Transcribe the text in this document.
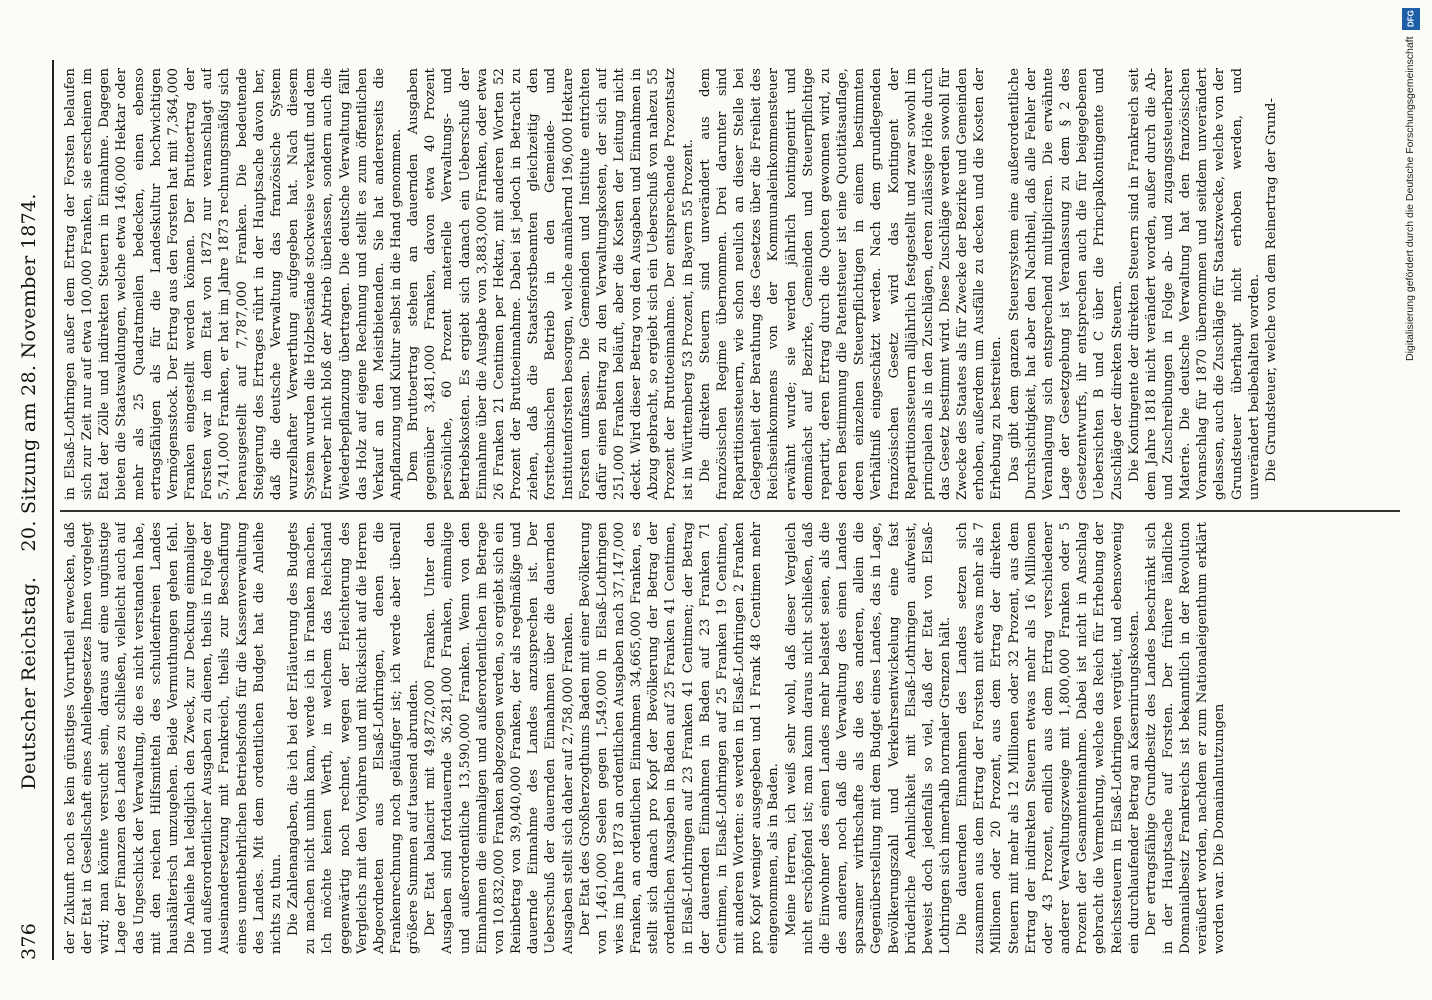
376
Deutscher Reichstag.    20. Sitzung am 28. November 1874.

der Zukunft noch es kein günstiges Vorurtheil erwecken, daß der Etat in Gesellschaft eines Anleihegesetzes Ihnen vorgelegt wird; man könnte versucht sein, daraus auf eine ungünstige Lage der Finanzen des Landes zu schließen, vielleicht auch auf das Ungeschick der Verwaltung, die es nicht verstanden habe, mit den reichen Hilfsmitteln des schuldenfreien Landes haushälterisch umzugehen. Beide Vermuthungen gehen fehl. Die Anleihe hat lediglich den Zweck, zur Deckung einmaliger und außerordentlicher Ausgaben zu dienen, theils in Folge der Auseinandersetzung mit Frankreich, theils zur Beschaffung eines unentbehrlichen Betriebsfonds für die Kassenverwaltung des Landes. Mit dem ordentlichen Budget hat die Anleihe nichts zu thun. Die Zahlenangaben, die ich bei der Erläuterung des Budgets zu machen nicht umhin kann, werde ich in Franken machen. Ich möchte keinen Werth, in welchem das Reichsland gegenwärtig noch rechnet, wegen der Erleichterung des Vergleichs mit den Vorjahren und mit Rücksicht auf die Herren Abgeordneten aus Elsaß-Lothringen, denen die Frankenrechnung noch geläufiger ist; ich werde aber überall größere Summen auf tausend abrunden. Der Etat balancirt mit 49,872,000 Franken. Unter den Ausgaben sind fortdauernde 36,281,000 Franken, einmalige und außerordentliche 13,590,000 Franken. Wenn von den Einnahmen die einmaligen und außerordentlichen im Betrage von 10,832,000 Franken abgezogen werden, so ergiebt sich ein Reinbetrag von 39,040,000 Franken, der als regelmäßige und dauernde Einnahme des Landes anzusprechen ist. Der Ueberschuß der dauernden Einnahmen über die dauernden Ausgaben stellt sich daher auf 2,758,000 Franken. Der Etat des Großherzogthums Baden mit einer Bevölkerung von 1,461,000 Seelen gegen 1,549,000 in Elsaß-Lothringen wies im Jahre 1873 an ordentlichen Ausgaben nach 37,147,000 Franken, an ordentlichen Einnahmen 34,665,000 Franken, es stellt sich danach pro Kopf der Bevölkerung der Betrag der ordentlichen Ausgaben in Baden auf 25 Franken 41 Centimen, in Elsaß-Lothringen auf 23 Franken 41 Centimen; der Betrag der dauernden Einnahmen in Baden auf 23 Franken 71 Centimen, in Elsaß-Lothringen auf 25 Franken 19 Centimen, mit anderen Worten: es werden in Elsaß-Lothringen 2 Franken pro Kopf weniger ausgegeben und 1 Frank 48 Centimen mehr eingenommen, als in Baden. Meine Herren, ich weiß sehr wohl, daß dieser Vergleich nicht erschöpfend ist; man kann daraus nicht schließen, daß die Einwohner des einen Landes mehr belastet seien, als die des anderen, noch daß die Verwaltung des einen Landes sparsamer wirthschafte als die des anderen, allein die Gegenüberstellung mit dem Budget eines Landes, das in Lage, Bevölkerungszahl und Verkehrsentwickelung eine fast brüderliche Aehnlichkeit mit Elsaß-Lothringen aufweist, beweist doch jedenfalls so viel, daß der Etat von Elsaß-Lothringen sich innerhalb normaler Grenzen hält. Die dauernden Einnahmen des Landes setzen sich zusammen aus dem Ertrag der Forsten mit etwas mehr als 7 Millionen oder 20 Prozent, aus dem Ertrag der direkten Steuern mit mehr als 12 Millionen oder 32 Prozent, aus dem Ertrag der indirekten Steuern etwas mehr als 16 Millionen oder 43 Prozent, endlich aus dem Ertrag verschiedener anderer Verwaltungszweige mit 1,800,000 Franken oder 5 Prozent der Gesammteinnahme. Dabei ist nicht in Anschlag gebracht die Vermehrung, welche das Reich für Erhebung der Reichssteuern in Elsaß-Lothringen vergütet, und ebensowenig ein durchlaufender Betrag an Kasernirungskosten. Der ertragsfähige Grundbesitz des Landes beschränkt sich in der Hauptsache auf Forsten. Der frühere ländliche Domanialbesitz Frankreichs ist bekanntlich in der Revolution veräußert worden, nachdem er zum Nationaleigenthum erklärt worden war. Die Domainalnutzungen

in Elsaß-Lothringen außer dem Ertrag der Forsten belaufen sich zur Zeit nur auf etwa 100,000 Franken, sie erscheinen im Etat der Zölle und indirekten Steuern in Einnahme. Dagegen bieten die Staatswaldungen, welche etwa 146,000 Hektar oder mehr als 25 Quadratmeilen bedecken, einen ebenso ertragsfähigen als für die Landeskultur hochwichtigen Vermögensstock. Der Ertrag aus den Forsten hat mit 7,364,000 Franken eingestellt werden können. Der Bruttoertrag der Forsten war in dem Etat von 1872 nur veranschlagt auf 5,741,000 Franken, er hat im Jahre 1873 rechnungsmäßig sich herausgestellt auf 7,787,000 Franken. Die bedeutende Steigerung des Ertrages rührt in der Hauptsache davon her, daß die deutsche Verwaltung das französische System wurzelhafter Verwerthung aufgegeben hat. Nach diesem System wurden die Holzbestände stockweise verkauft und dem Erwerber nicht bloß der Abtrieb überlassen, sondern auch die Wiederbepflanzung übertragen. Die deutsche Verwaltung fällt das Holz auf eigene Rechnung und stellt es zum öffentlichen Verkauf an den Meistbietenden. Sie hat andererseits die Anpflanzung und Kultur selbst in die Hand genommen. Dem Bruttoertrag stehen an dauernden Ausgaben gegenüber 3,481,000 Franken, davon etwa 40 Prozent persönliche, 60 Prozent materielle Verwaltungs- und Betriebskosten. Es ergiebt sich danach ein Ueberschuß der Einnahme über die Ausgabe von 3,883,000 Franken, oder etwa 26 Franken 21 Centimen per Hektar, mit anderen Worten 52 Prozent der Bruttoeinnahme. Dabei ist jedoch in Betracht zu ziehen, daß die Staatsforstbeamten gleichzeitig den forsttechnischen Betrieb in den Gemeinde- und Institutenforsten besorgen, welche annähernd 196,000 Hektare Forsten umfassen. Die Gemeinden und Institute entrichten dafür einen Beitrag zu den Verwaltungskosten, der sich auf 251,000 Franken beläuft, aber die Kosten der Leitung nicht deckt. Wird dieser Betrag von den Ausgaben und Einnahmen in Abzug gebracht, so ergiebt sich ein Ueberschuß von nahezu 55 Prozent der Bruttoeinnahme. Der entsprechende Prozentsatz ist in Württemberg 53 Prozent, in Bayern 55 Prozent. Die direkten Steuern sind unverändert aus dem französischen Regime übernommen. Drei darunter sind Repartitionssteuern, wie schon neulich an dieser Stelle bei Gelegenheit der Berathung des Gesetzes über die Freiheit des Reichseinkommens von der Kommunaleinkommensteuer erwähnt wurde; sie werden jährlich kontingentirt und demnächst auf Bezirke, Gemeinden und Steuerpflichtige repartirt, deren Ertrag durch die Quoten gewonnen wird, zu deren Bestimmung die Patentsteuer ist eine Quotitätsauflage, deren einzelnen Steuerpflichtigen in einem bestimmten Verhältniß eingeschätzt werden. Nach dem grundlegenden französischen Gesetz wird das Kontingent der Repartitionssteuern alljährlich festgestellt und zwar sowohl im principalen als in den Zuschlägen, deren zulässige Höhe durch das Gesetz bestimmt wird. Diese Zuschläge werden sowohl für Zwecke des Staates als für Zwecke der Bezirke und Gemeinden erhoben, außerdem um Ausfälle zu decken und die Kosten der Erhebung zu bestreiten. Das gibt dem ganzen Steuersystem eine außerordentliche Durchsichtigkeit, hat aber den Nachtheil, daß alle Fehler der Veranlagung sich entsprechend multipliciren. Die erwähnte Lage der Gesetzgebung ist Veranlassung zu dem § 2 des Gesetzentwurfs, ihr entsprechen auch die für beigegebenen Uebersichten B und C über die Principalkontingente und Zuschläge der direkten Steuern. Die Kontingente der direkten Steuern sind in Frankreich seit dem Jahre 1818 nicht verändert worden, außer durch die Ab- und Zuschreibungen in Folge ab- und zugangssteuerbarer Materie. Die deutsche Verwaltung hat den französischen Voranschlag für 1870 übernommen und seitdem unverändert gelassen, auch die Zuschläge für Staatszwecke, welche von der Grundsteuer überhaupt nicht erhoben werden, und unverändert beibehalten worden. Die Grundsteuer, welche von dem Reinertrag der Grund-

DFG
Digitalisierung gefördert durch die Deutsche Forschungsgemeinschaft
